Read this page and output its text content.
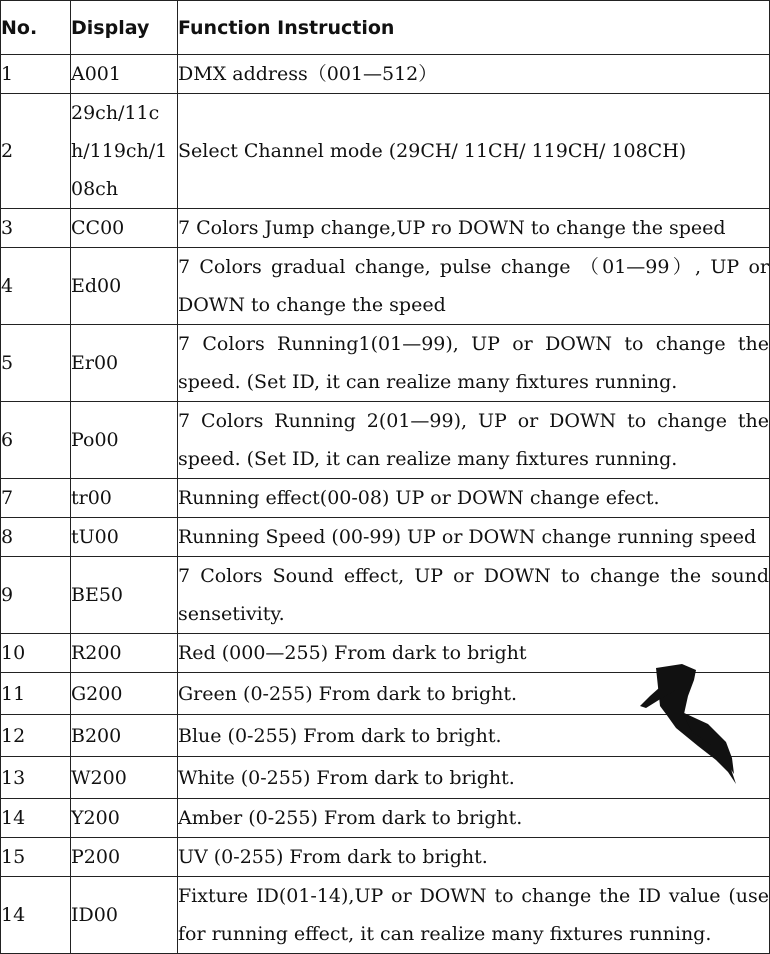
No.	Display	Function Instruction
1	A001	DMX address（001—512）
2	29ch/11ch/119ch/108ch	Select Channel mode (29CH/ 11CH/ 119CH/ 108CH)
3	CC00	7 Colors Jump change,UP ro DOWN to change the speed
4	Ed00	7 Colors gradual change, pulse change （01—99）, UP or DOWN to change the speed
5	Er00	7 Colors Running1(01—99), UP or DOWN to change the speed. (Set ID, it can realize many fixtures running.
6	Po00	7 Colors Running 2(01—99), UP or DOWN to change the speed. (Set ID, it can realize many fixtures running.
7	tr00	Running effect(00-08) UP or DOWN change efect.
8	tU00	Running Speed (00-99) UP or DOWN change running speed
9	BE50	7 Colors Sound effect, UP or DOWN to change the sound sensetivity.
10	R200	Red (000—255) From dark to bright
11	G200	Green (0-255) From dark to bright.
12	B200	Blue (0-255) From dark to bright.
13	W200	White (0-255) From dark to bright.
14	Y200	Amber (0-255) From dark to bright.
15	P200	UV (0-255) From dark to bright.
14	ID00	Fixture ID(01-14),UP or DOWN to change the ID value (use for running effect, it can realize many fixtures running.
